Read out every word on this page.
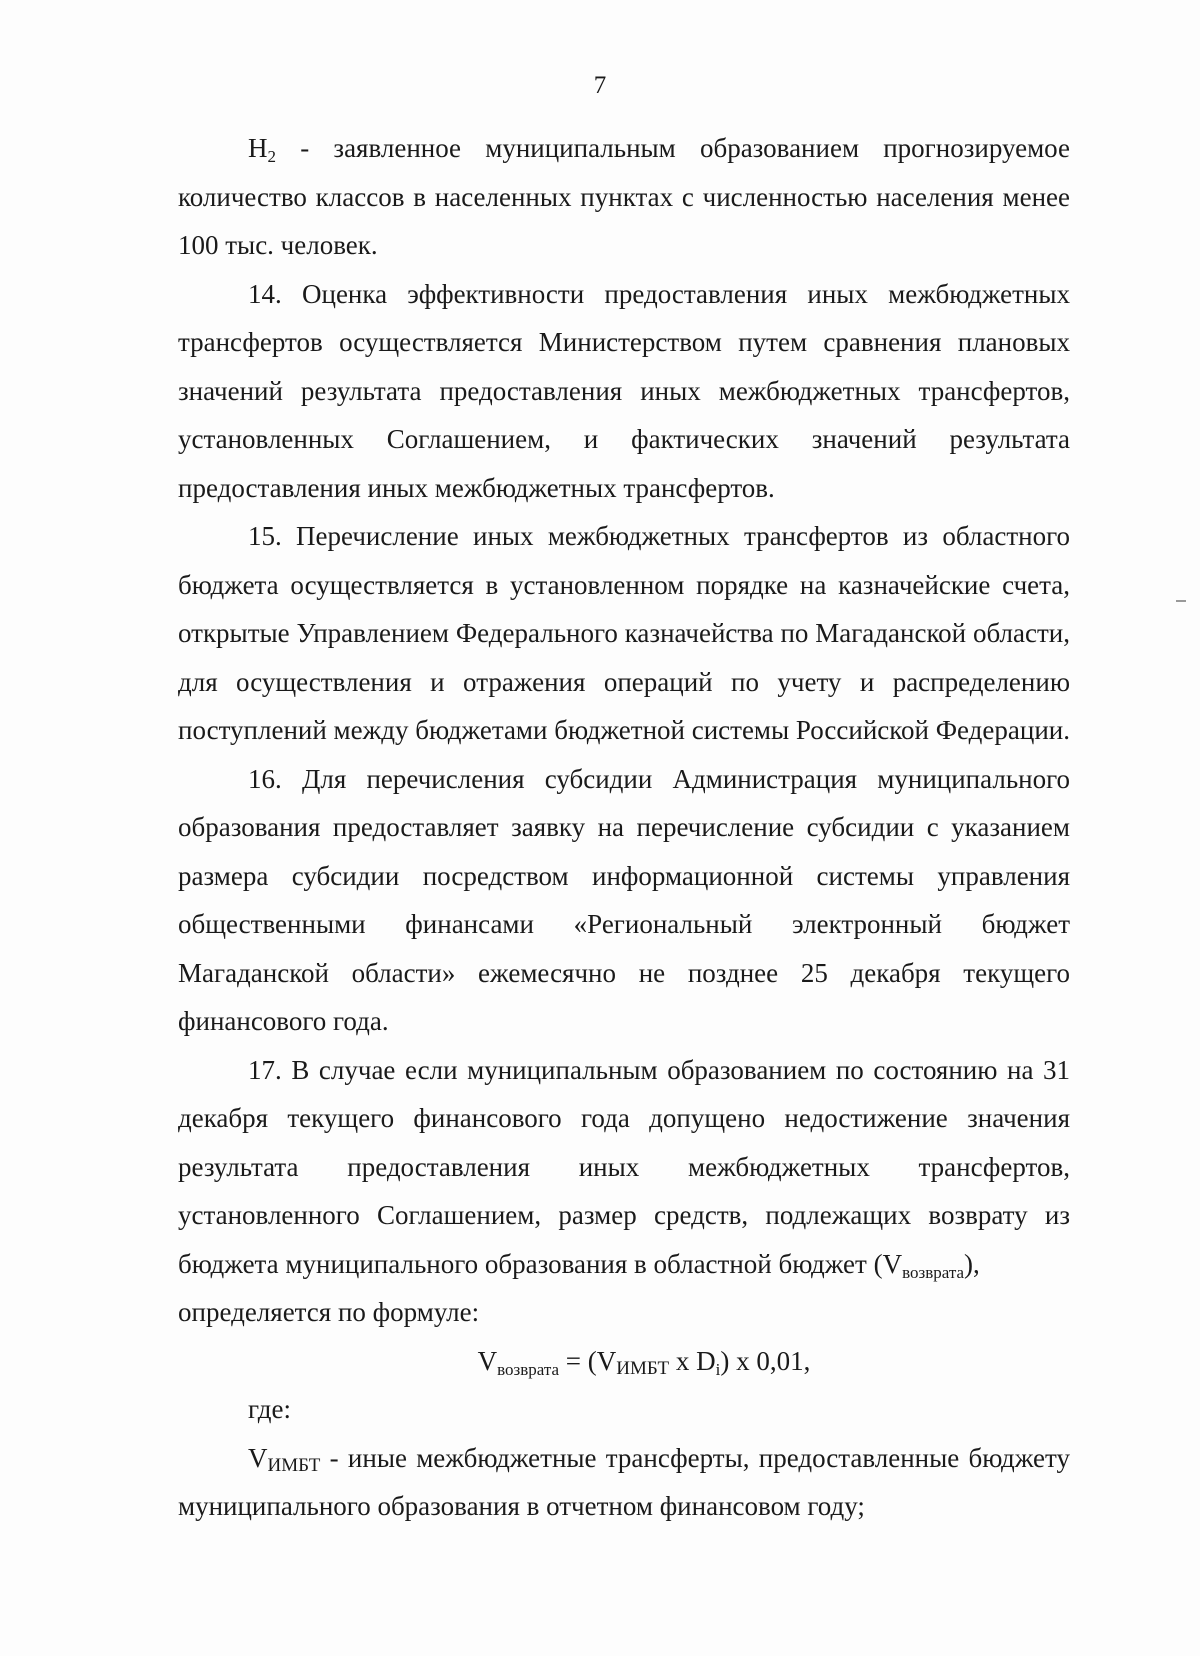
7

$H_2$ - заявленное муниципальным образованием прогнозируемое количество классов в населенных пунктах с численностью населения менее 100 тыс. человек.

14. Оценка эффективности предоставления иных межбюджетных трансфертов осуществляется Министерством путем сравнения плановых значений результата предоставления иных межбюджетных трансфертов, установленных Соглашением, и фактических значений результата предоставления иных межбюджетных трансфертов.

15. Перечисление иных межбюджетных трансфертов из областного бюджета осуществляется в установленном порядке на казначейские счета, открытые Управлением Федерального казначейства по Магаданской области, для осуществления и отражения операций по учету и распределению поступлений между бюджетами бюджетной системы Российской Федерации.

16. Для перечисления субсидии Администрация муниципального образования предоставляет заявку на перечисление субсидии с указанием размера субсидии посредством информационной системы управления общественными финансами «Региональный электронный бюджет Магаданской области» ежемесячно не позднее 25 декабря текущего финансового года.

17. В случае если муниципальным образованием по состоянию на 31 декабря текущего финансового года допущено недостижение значения результата предоставления иных межбюджетных трансфертов, установленного Соглашением, размер средств, подлежащих возврату из бюджета муниципального образования в областной бюджет $(V_{возврата})$,

определяется по формуле:

$V_{возврата}$ = (VИМБТ x $D_i$) x 0,01,

где:

VИМБТ - иные межбюджетные трансферты, предоставленные бюджету муниципального образования в отчетном финансовом году;
